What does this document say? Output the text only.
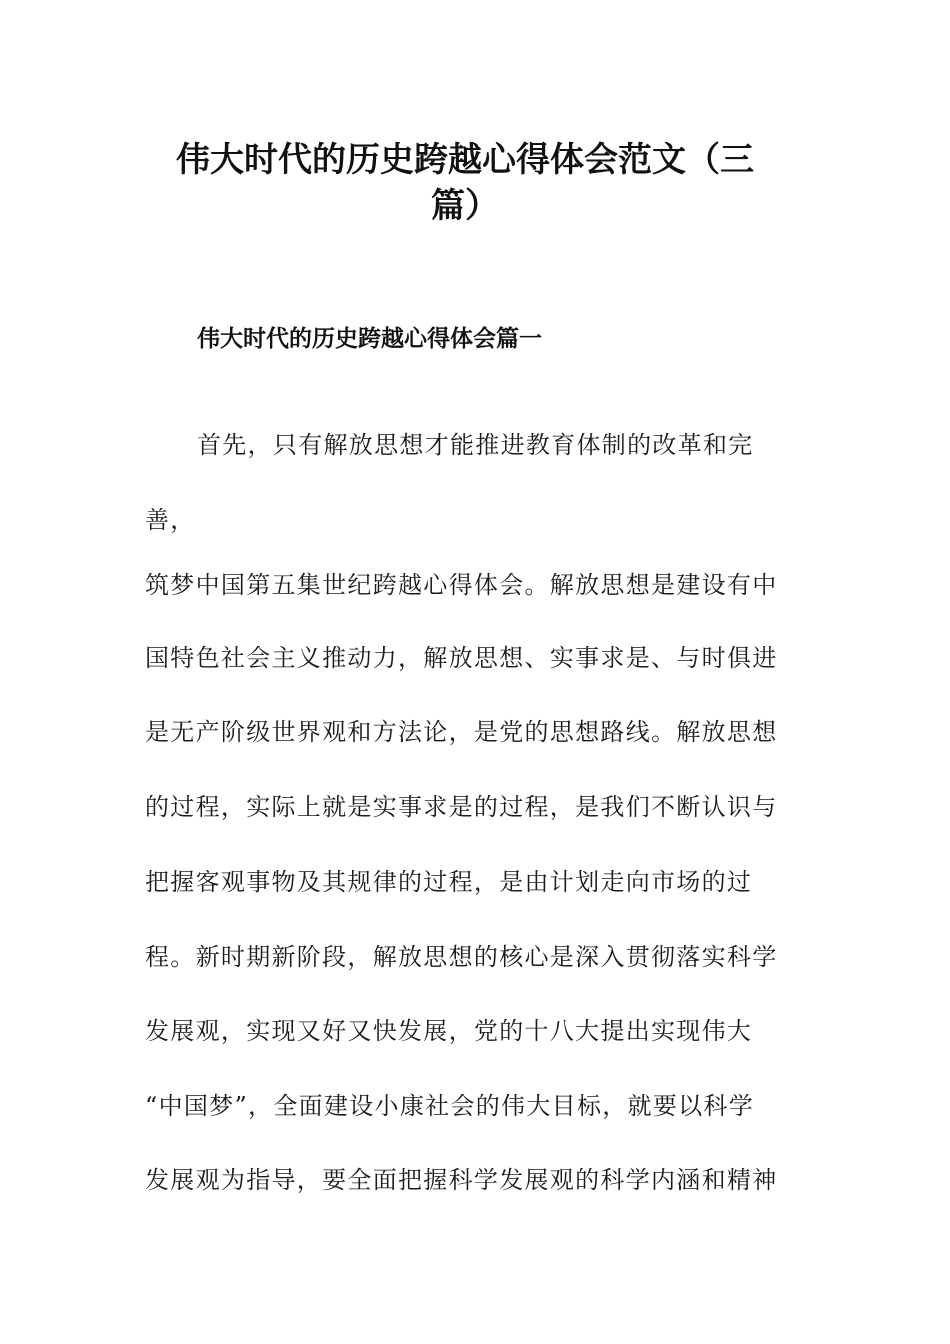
伟大时代的历史跨越心得体会范文（三
篇）
伟大时代的历史跨越心得体会篇一
首先，只有解放思想才能推进教育体制的改革和完
善，
筑梦中国第五集世纪跨越心得体会。解放思想是建设有中
国特色社会主义推动力，解放思想、实事求是、与时俱进
是无产阶级世界观和方法论，是党的思想路线。解放思想
的过程，实际上就是实事求是的过程，是我们不断认识与
把握客观事物及其规律的过程，是由计划走向市场的过
程。新时期新阶段，解放思想的核心是深入贯彻落实科学
发展观，实现又好又快发展，党的十八大提出实现伟大
“中国梦”，全面建设小康社会的伟大目标，就要以科学
发展观为指导，要全面把握科学发展观的科学内涵和精神
